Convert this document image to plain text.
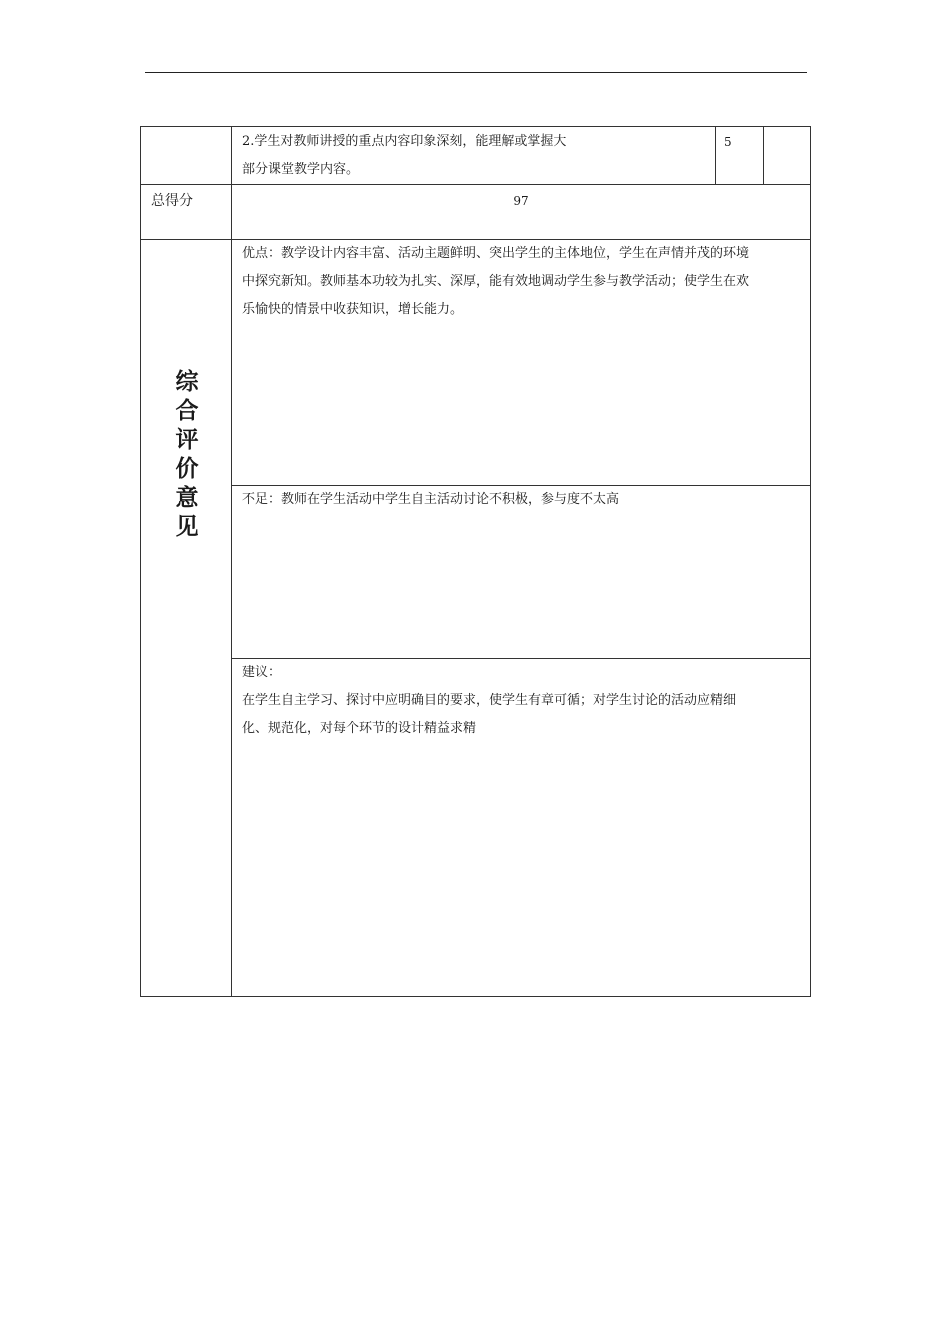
2.学生对教师讲授的重点内容印象深刻，能理解或掌握大
部分课堂教学内容。
5
总得分	97
综
合
评
价
意
见
优点：教学设计内容丰富、活动主题鲜明、突出学生的主体地位，学生在声情并茂的环境
中探究新知。教师基本功较为扎实、深厚，能有效地调动学生参与教学活动；使学生在欢
乐愉快的情景中收获知识，增长能力。
不足：教师在学生活动中学生自主活动讨论不积极，参与度不太高
建议：
在学生自主学习、探讨中应明确目的要求，使学生有章可循；对学生讨论的活动应精细
化、规范化，对每个环节的设计精益求精
